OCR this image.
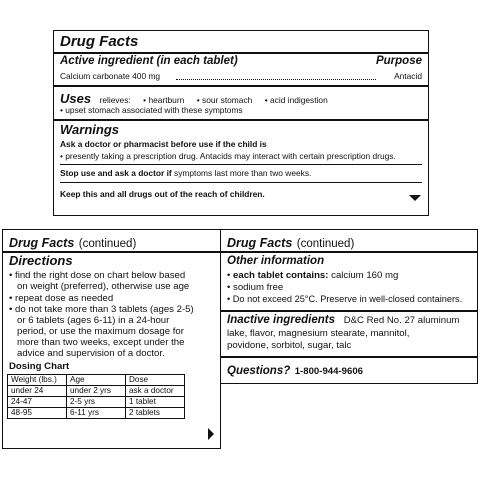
Drug Facts
Active ingredient (in each tablet)	Purpose
Calcium carbonate 400 mg	Antacid
Uses relieves: • heartburn • sour stomach • acid indigestion
• upset stomach associated with these symptoms
Warnings
Ask a doctor or pharmacist before use if the child is
• presently taking a prescription drug. Antacids may interact with certain prescription drugs.
Stop use and ask a doctor if symptoms last more than two weeks.
Keep this and all drugs out of the reach of children.
Drug Facts (continued)
Directions
• find the right dose on chart below based
on weight (preferred), otherwise use age
• repeat dose as needed
• do not take more than 3 tablets (ages 2-5)
or 6 tablets (ages 6-11) in a 24-hour
period, or use the maximum dosage for
more than two weeks, except under the
advice and supervision of a doctor.
Dosing Chart
Weight (lbs.)	Age	Dose
under 24	under 2 yrs	ask a doctor
24-47	2-5 yrs	1 tablet
48-95	6-11 yrs	2 tablets
Drug Facts (continued)
Other information
• each tablet contains: calcium 160 mg
• sodium free
• Do not exceed 25°C. Preserve in well-closed containers.
Inactive ingredients D&C Red No. 27 aluminum
lake, flavor, magnesium stearate, mannitol,
povidone, sorbitol, sugar, talc
Questions? 1-800-944-9606
